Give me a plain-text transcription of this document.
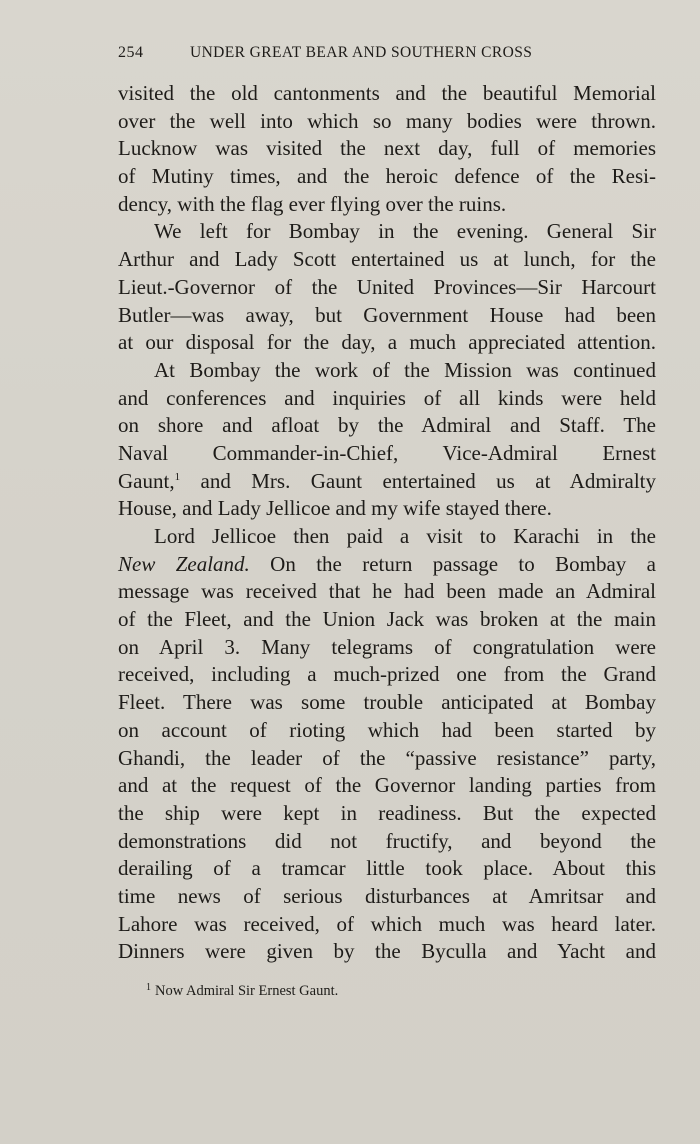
254	UNDER GREAT BEAR AND SOUTHERN CROSS
visited the old cantonments and the beautiful Memorial
over the well into which so many bodies were thrown.
Lucknow was visited the next day, full of memories
of Mutiny times, and the heroic defence of the Resi-
dency, with the flag ever flying over the ruins.
We left for Bombay in the evening. General Sir
Arthur and Lady Scott entertained us at lunch, for the
Lieut.-Governor of the United Provinces—Sir Harcourt
Butler—was away, but Government House had been
at our disposal for the day, a much appreciated attention.
At Bombay the work of the Mission was continued
and conferences and inquiries of all kinds were held
on shore and afloat by the Admiral and Staff. The
Naval Commander-in-Chief, Vice-Admiral Ernest
Gaunt,$^1$ and Mrs. Gaunt entertained us at Admiralty
House, and Lady Jellicoe and my wife stayed there.
Lord Jellicoe then paid a visit to Karachi in the
New Zealand. On the return passage to Bombay a
message was received that he had been made an Admiral
of the Fleet, and the Union Jack was broken at the main
on April 3. Many telegrams of congratulation were
received, including a much-prized one from the Grand
Fleet. There was some trouble anticipated at Bombay
on account of rioting which had been started by
Ghandi, the leader of the “passive resistance” party,
and at the request of the Governor landing parties from
the ship were kept in readiness. But the expected
demonstrations did not fructify, and beyond the
derailing of a tramcar little took place. About this
time news of serious disturbances at Amritsar and
Lahore was received, of which much was heard later.
Dinners were given by the Byculla and Yacht and
$^1$ Now Admiral Sir Ernest Gaunt.
